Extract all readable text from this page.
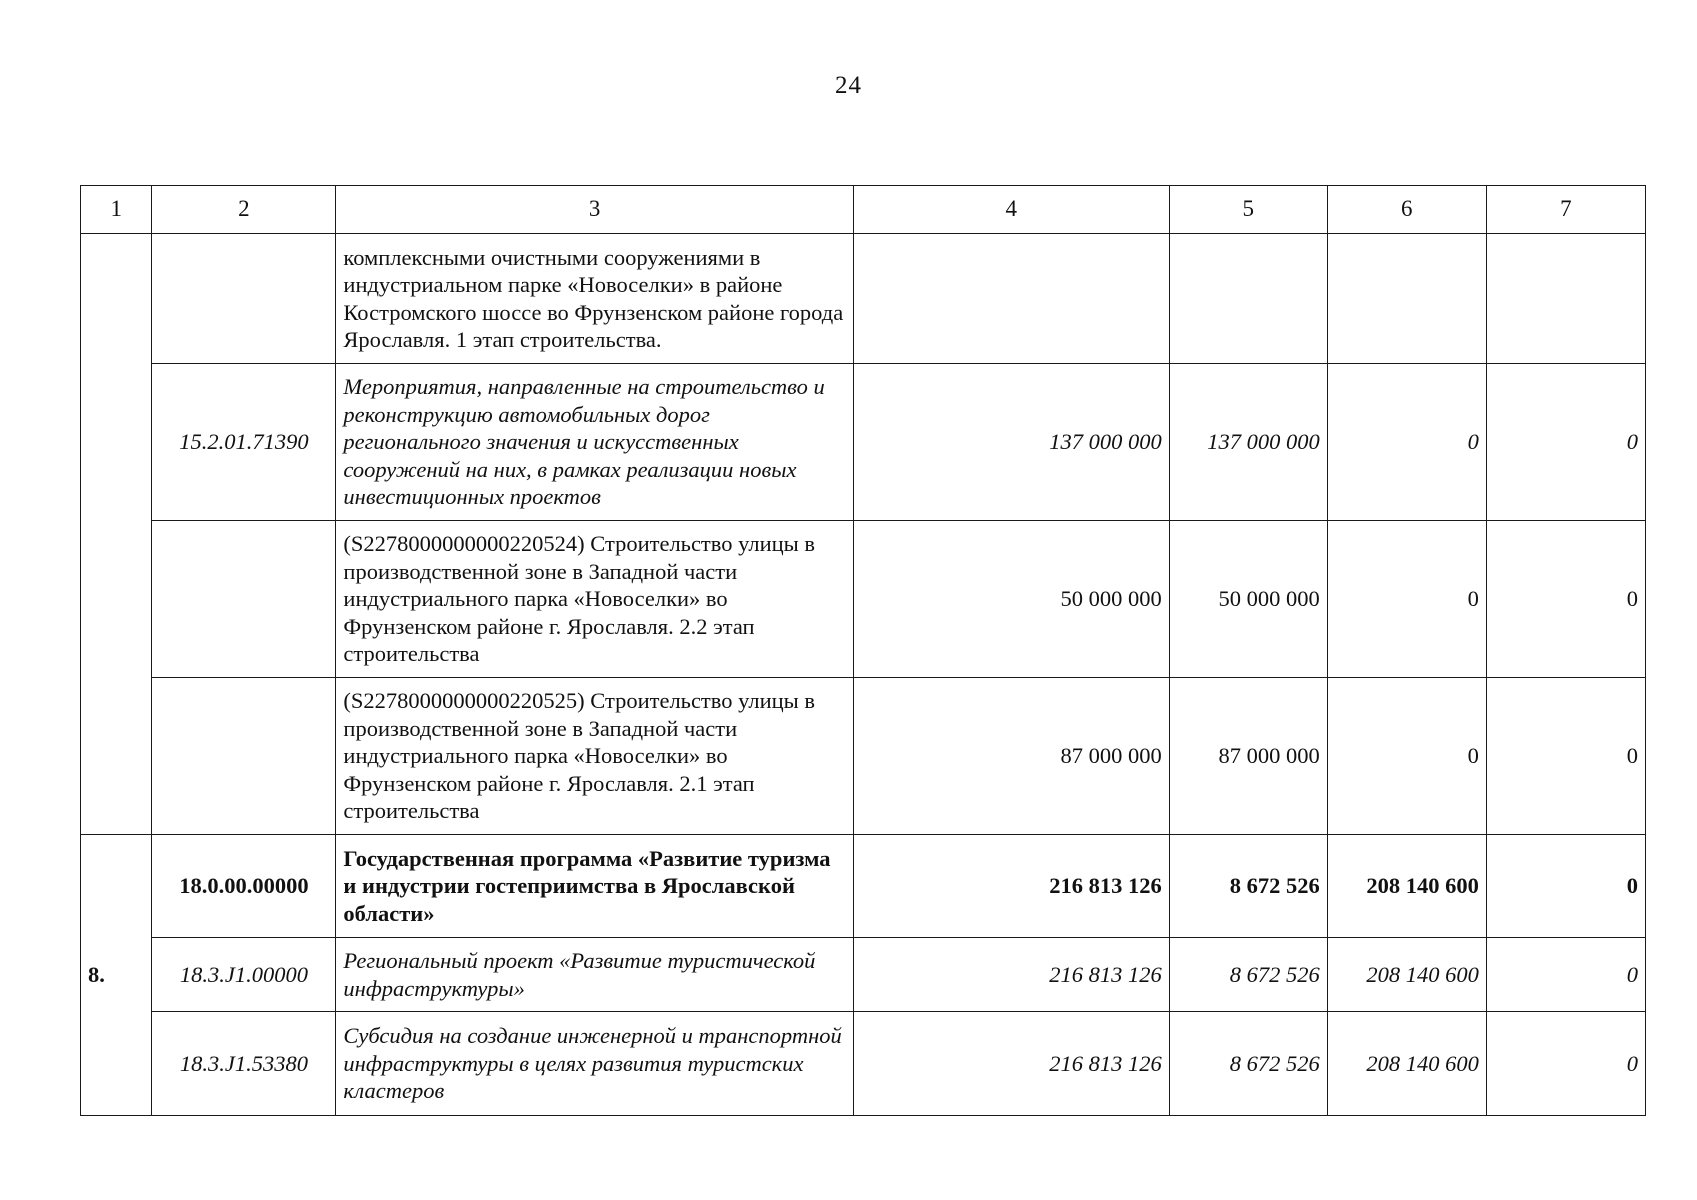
24
1	2	3	4	5	6	7
		комплексными очистными сооружениями в индустриальном парке «Новоселки» в районе Костромского шоссе во Фрунзенском районе города Ярославля. 1 этап строительства.				
	15.2.01.71390	Мероприятия, направленные на строительство и реконструкцию автомобильных дорог регионального значения и искусственных сооружений на них, в рамках реализации новых инвестиционных проектов	137 000 000	137 000 000	0	0
		(S2278000000000220524) Строительство улицы в производственной зоне в Западной части индустриального парка «Новоселки» во Фрунзенском районе г. Ярославля. 2.2 этап строительства	50 000 000	50 000 000	0	0
		(S2278000000000220525) Строительство улицы в производственной зоне в Западной части индустриального парка «Новоселки» во Фрунзенском районе г. Ярославля. 2.1 этап строительства	87 000 000	87 000 000	0	0
8.	18.0.00.00000	Государственная программа «Развитие туризма и индустрии гостеприимства в Ярославской области»	216 813 126	8 672 526	208 140 600	0
	18.3.J1.00000	Региональный проект «Развитие туристической инфраструктуры»	216 813 126	8 672 526	208 140 600	0
	18.3.J1.53380	Субсидия на создание инженерной и транспортной инфраструктуры в целях развития туристских кластеров	216 813 126	8 672 526	208 140 600	0
